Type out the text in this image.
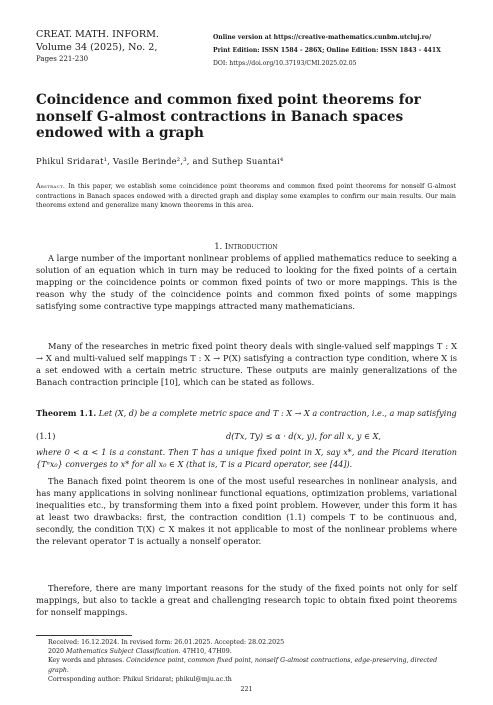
CREAT. MATH. INFORM.
Volume 34 (2025), No. 2,
Pages 221-230
Online version at https://creative-mathematics.cunbm.utcluj.ro/
Print Edition: ISSN 1584 - 286X; Online Edition: ISSN 1843 - 441X
DOI: https://doi.org/10.37193/CMI.2025.02.05
Coincidence and common fixed point theorems for nonself G-almost contractions in Banach spaces endowed with a graph
Phikul Sridarat¹, Vasile Berinde²,³, and Suthep Suantai⁴
Abstract. In this paper, we establish some coincidence point theorems and common fixed point theorems for nonself G-almost contractions in Banach spaces endowed with a directed graph and display some examples to confirm our main results. Our main theorems extend and generalize many known theorems in this area.
1. Introduction
A large number of the important nonlinear problems of applied mathematics reduce to seeking a solution of an equation which in turn may be reduced to looking for the fixed points of a certain mapping or the coincidence points or common fixed points of two or more mappings. This is the reason why the study of the coincidence points and common fixed points of some mappings satisfying some contractive type mappings attracted many mathematicians.
Many of the researches in metric fixed point theory deals with single-valued self mappings T : X → X and multi-valued self mappings T : X → P(X) satisfying a contraction type condition, where X is a set endowed with a certain metric structure. These outputs are mainly generalizations of the Banach contraction principle [10], which can be stated as follows.
Theorem 1.1. Let (X, d) be a complete metric space and T : X → X a contraction, i.e., a map satisfying
(1.1)	d(Tx, Ty) ≤ α · d(x, y), for all x, y ∈ X,
where 0 < α < 1 is a constant. Then T has a unique fixed point in X, say x*, and the Picard iteration {Tⁿx₀} converges to x* for all x₀ ∈ X (that is, T is a Picard operator, see [44]).
The Banach fixed point theorem is one of the most useful researches in nonlinear analysis, and has many applications in solving nonlinear functional equations, optimization problems, variational inequalities etc., by transforming them into a fixed point problem. However, under this form it has at least two drawbacks: first, the contraction condition (1.1) compels T to be continuous and, secondly, the condition T(X) ⊂ X makes it not applicable to most of the nonlinear problems where the relevant operator T is actually a nonself operator.
Therefore, there are many important reasons for the study of the fixed points not only for self mappings, but also to tackle a great and challenging research topic to obtain fixed point theorems for nonself mappings.
Received: 16.12.2024. In revised form: 26.01.2025. Accepted: 28.02.2025
2020 Mathematics Subject Classification. 47H10, 47H09.
Key words and phrases. Coincidence point, common fixed point, nonself G-almost contractions, edge-preserving, directed graph.
Corresponding author: Phikul Sridarat; phikul@mju.ac.th
221
